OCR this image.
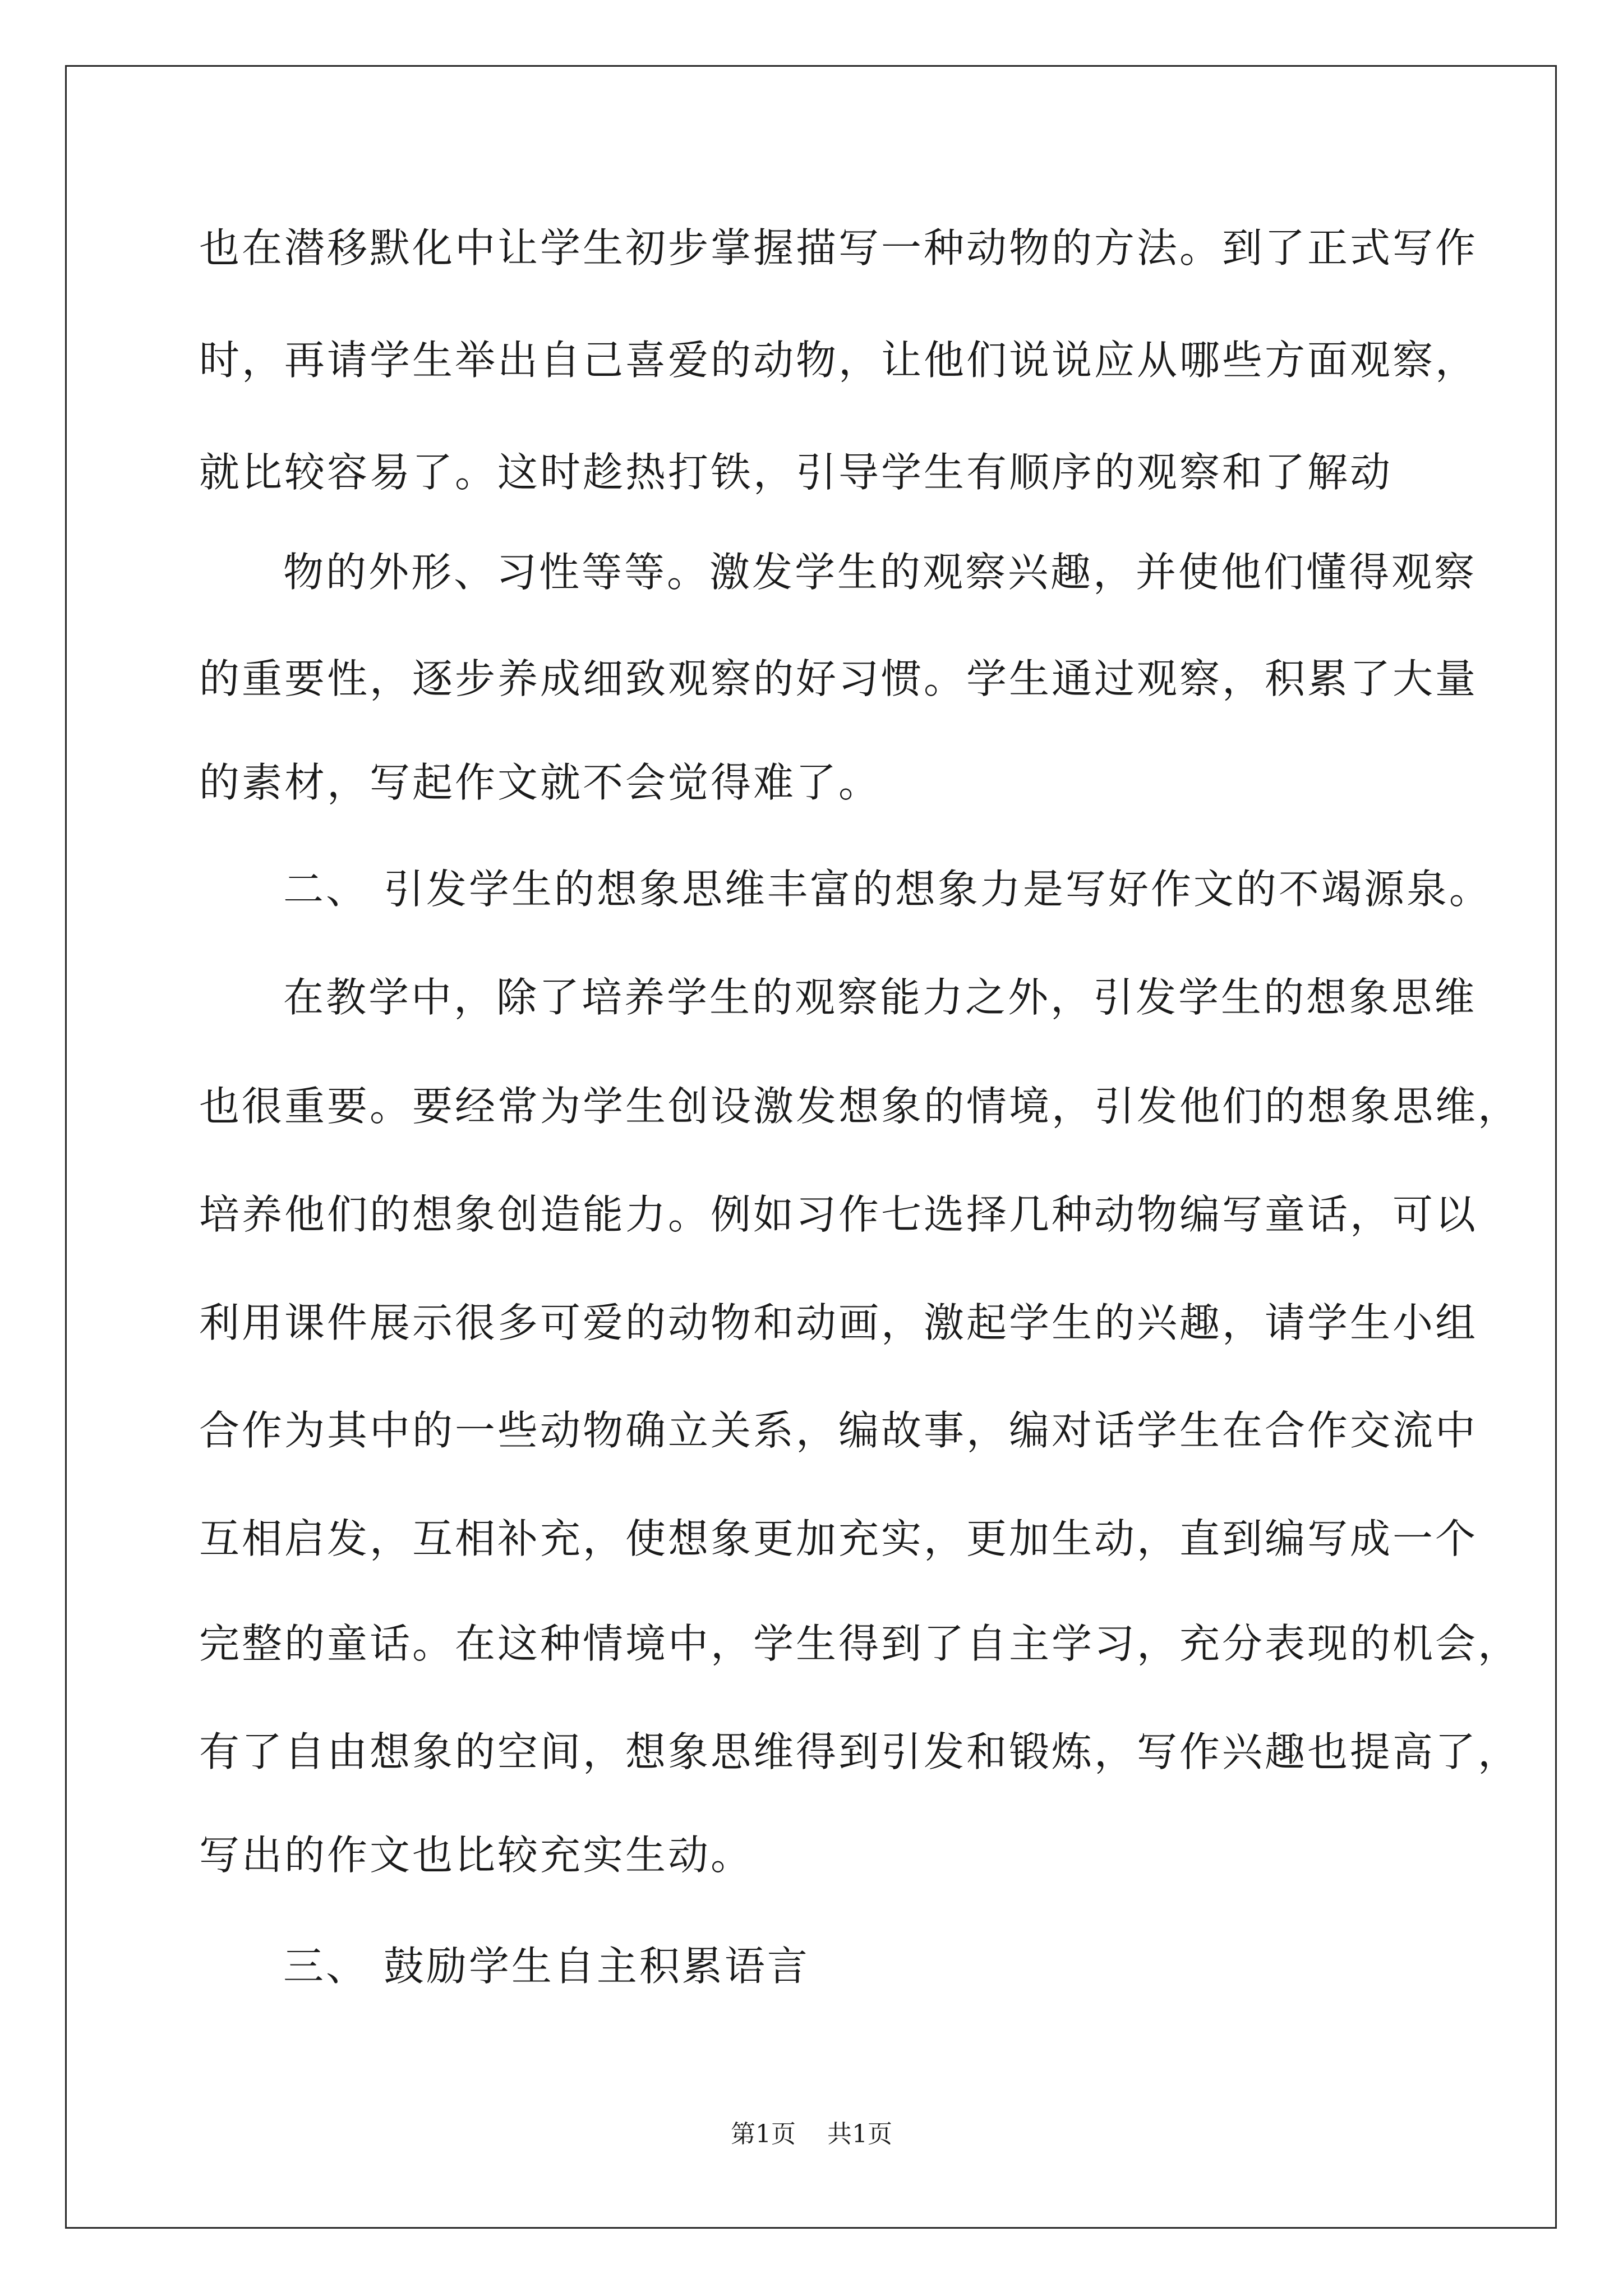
也在潜移默化中让学生初步掌握描写一种动物的方法。到了正式写作
时，再请学生举出自己喜爱的动物，让他们说说应从哪些方面观察，
就比较容易了。这时趁热打铁，引导学生有顺序的观察和了解动
物的外形、习性等等。激发学生的观察兴趣，并使他们懂得观察
的重要性，逐步养成细致观察的好习惯。学生通过观察，积累了大量
的素材，写起作文就不会觉得难了。
二、 引发学生的想象思维丰富的想象力是写好作文的不竭源泉。
在教学中，除了培养学生的观察能力之外，引发学生的想象思维
也很重要。要经常为学生创设激发想象的情境，引发他们的想象思维，
培养他们的想象创造能力。例如习作七选择几种动物编写童话，可以
利用课件展示很多可爱的动物和动画，激起学生的兴趣，请学生小组
合作为其中的一些动物确立关系，编故事，编对话学生在合作交流中
互相启发，互相补充，使想象更加充实，更加生动，直到编写成一个
完整的童话。在这种情境中，学生得到了自主学习，充分表现的机会，
有了自由想象的空间，想象思维得到引发和锻炼，写作兴趣也提高了，
写出的作文也比较充实生动。
三、 鼓励学生自主积累语言
第1页 共1页
